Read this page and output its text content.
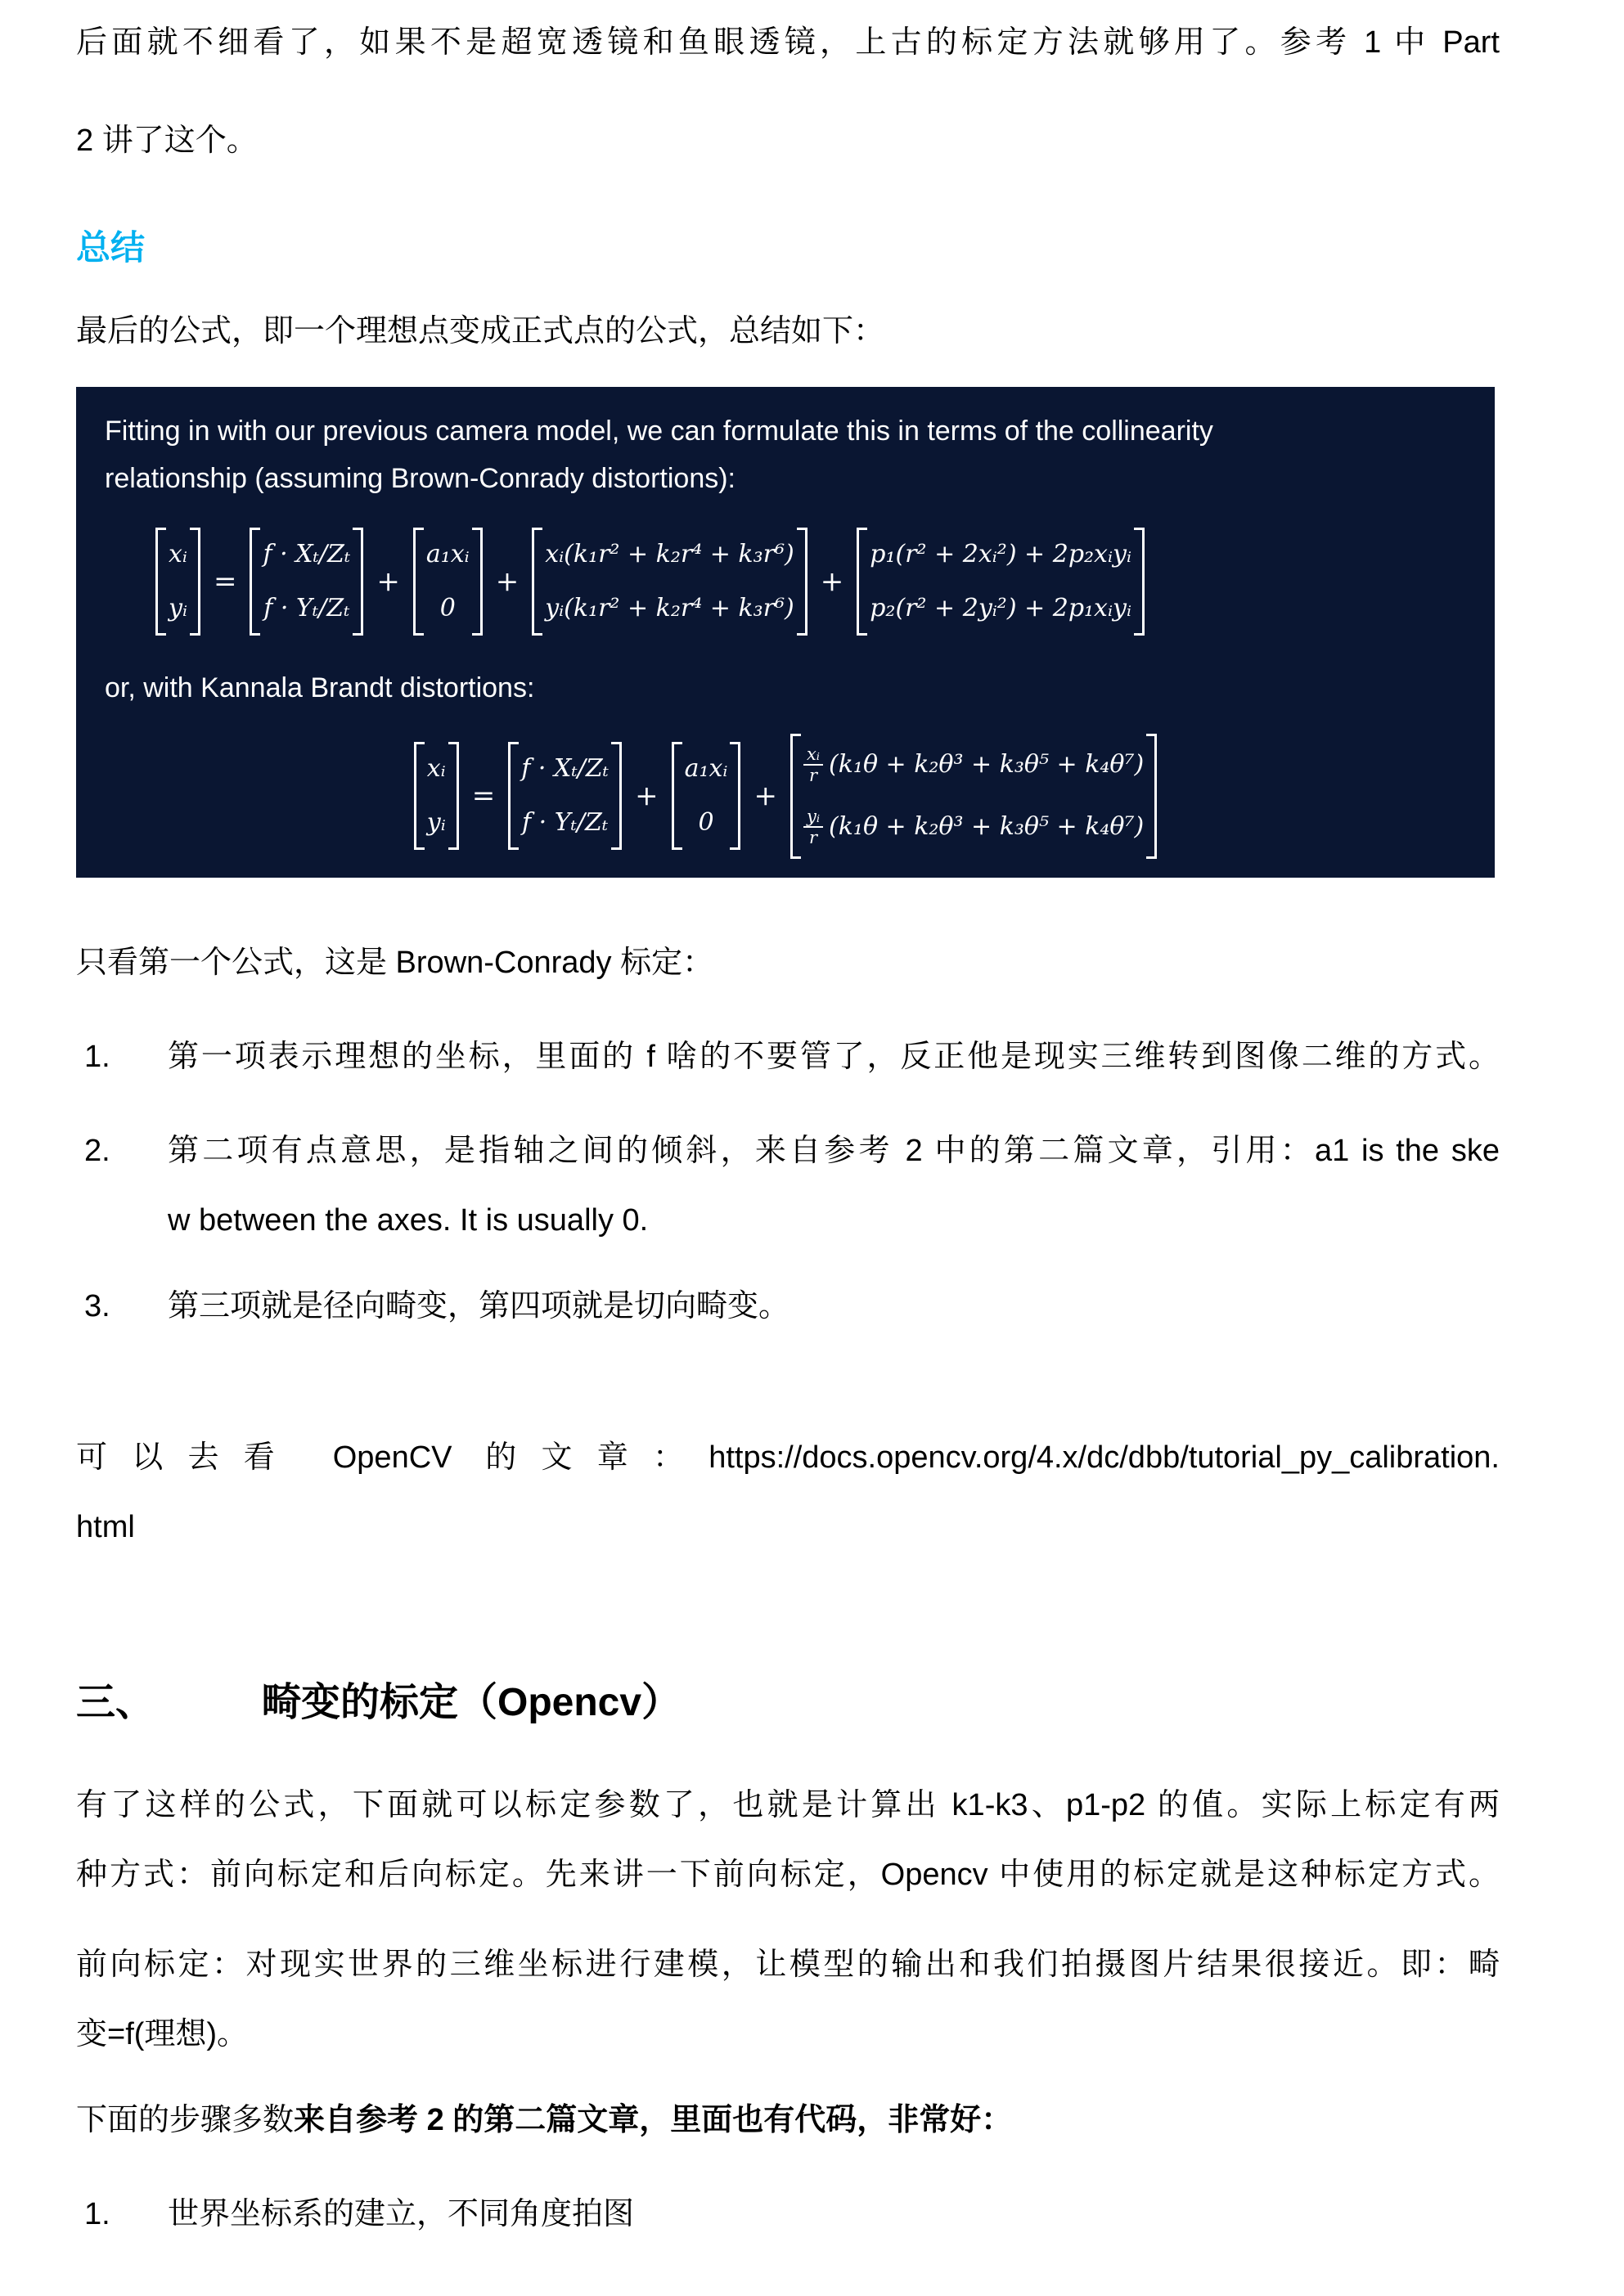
后面就不细看了，如果不是超宽透镜和鱼眼透镜，上古的标定方法就够用了。参考 1 中 Part
2 讲了这个。
总结
最后的公式，即一个理想点变成正式点的公式，总结如下：
Fitting in with our previous camera model, we can formulate this in terms of the collinearity
relationship (assuming Brown-Conrady distortions):
xᵢ
yᵢ
=
f · Xₜ/Zₜ
f · Yₜ/Zₜ
+
a₁xᵢ
0
+
xᵢ(k₁r² + k₂r⁴ + k₃r⁶)
yᵢ(k₁r² + k₂r⁴ + k₃r⁶)
+
p₁(r² + 2xᵢ²) + 2p₂xᵢyᵢ
p₂(r² + 2yᵢ²) + 2p₁xᵢyᵢ
or, with Kannala Brandt distortions:
xᵢ
yᵢ
=
f · Xₜ/Zₜ
f · Yₜ/Zₜ
+
a₁xᵢ
0
+
$\frac{\text{xᵢ}}{r} (k_1\theta + k_2\theta^3 + k_3\theta^5 + k_4\theta^7)$
$\frac{\text{yᵢ}}{r} (k_1\theta + k_2\theta^3 + k_3\theta^5 + k_4\theta^7)$
只看第一个公式，这是 Brown-Conrady 标定：
1.	第一项表示理想的坐标，里面的 f 啥的不要管了，反正他是现实三维转到图像二维的方式。
2.	第二项有点意思，是指轴之间的倾斜，来自参考 2 中的第二篇文章，引用：a1 is the ske
w between the axes. It is usually 0.
3.	第三项就是径向畸变，第四项就是切向畸变。
可以去看 OpenCV 的文章：https://docs.opencv.org/4.x/dc/dbb/tutorial_py_calibration.
html
三、	畸变的标定（Opencv）
有了这样的公式，下面就可以标定参数了，也就是计算出 k1-k3、p1-p2 的值。实际上标定有两
种方式：前向标定和后向标定。先来讲一下前向标定，Opencv 中使用的标定就是这种标定方式。
前向标定：对现实世界的三维坐标进行建模，让模型的输出和我们拍摄图片结果很接近。即：畸
变=f(理想)。
下面的步骤多数来自参考 2 的第二篇文章，里面也有代码，非常好：
1.	世界坐标系的建立，不同角度拍图
